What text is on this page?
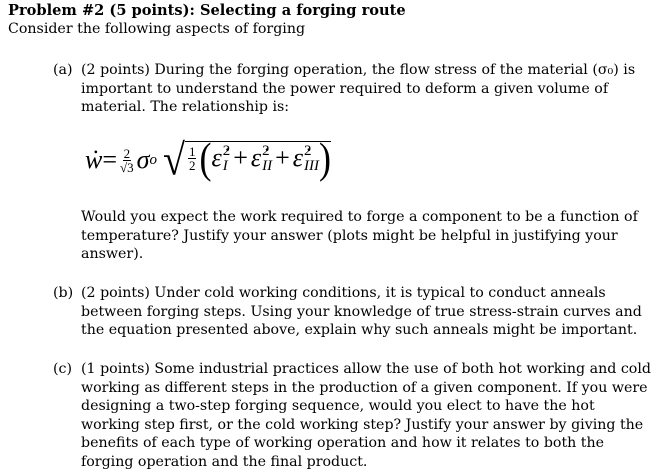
Problem #2 (5 points): Selecting a forging route
Consider the following aspects of forging
(a) (2 points) During the forging operation, the flow stress of the material (σ₀) is important to understand the power required to deform a given volume of material. The relationship is:
ẇ = $\frac{2}{√3}$ σ o √ $\frac{1}{2}$ ( ε̇ 2
I + ε̇ 2
II + ε̇ 2
III )
Would you expect the work required to forge a component to be a function of temperature? Justify your answer (plots might be helpful in justifying your answer).
(b) (2 points) Under cold working conditions, it is typical to conduct anneals between forging steps. Using your knowledge of true stress-strain curves and the equation presented above, explain why such anneals might be important.
(c) (1 points) Some industrial practices allow the use of both hot working and cold working as different steps in the production of a given component. If you were designing a two-step forging sequence, would you elect to have the hot working step first, or the cold working step? Justify your answer by giving the benefits of each type of working operation and how it relates to both the forging operation and the final product.
